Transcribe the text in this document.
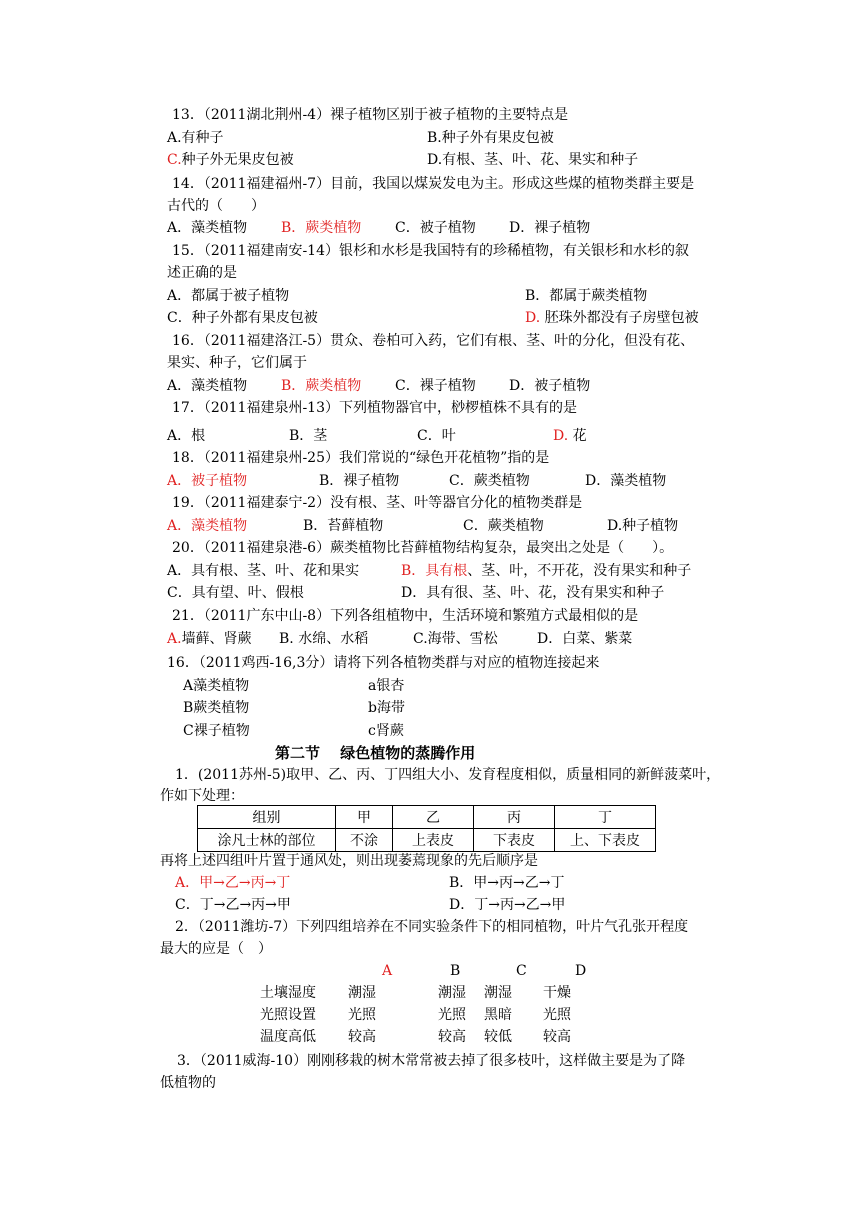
13．（2011湖北荆州-4）裸子植物区别于被子植物的主要特点是
A.有种子	B.种子外有果皮包被
C.种子外无果皮包被	D.有根、茎、叶、花、果实和种子
14．（2011福建福州-7）目前，我国以煤炭发电为主。形成这些煤的植物类群主要是
古代的（　　）
A．藻类植物 B．蕨类植物 C．被子植物 D．裸子植物
15．（2011福建南安-14）银杉和水杉是我国特有的珍稀植物，有关银杉和水杉的叙
述正确的是
A．都属于被子植物	B．都属于蕨类植物
C．种子外都有果皮包被	D. 胚珠外都没有子房壁包被
16．（2011福建洛江-5）贯众、卷柏可入药，它们有根、茎、叶的分化，但没有花、
果实、种子，它们属于
A．藻类植物 B．蕨类植物 C．裸子植物 D．被子植物
17．（2011福建泉州-13）下列植物器官中，桫椤植株不具有的是
A．根	B．茎	C．叶	D. 花
18．（2011福建泉州-25）我们常说的“绿色开花植物”指的是
A．被子植物	B．裸子植物	C．蕨类植物	D．藻类植物
19．（2011福建泰宁-2）没有根、茎、叶等器官分化的植物类群是
A．藻类植物	B．苔藓植物	C．蕨类植物	D.种子植物
20．（2011福建泉港-6）蕨类植物比苔藓植物结构复杂，最突出之处是（　　）。
A．具有根、茎、叶、花和果实	B．具有根、茎、叶，不开花，没有果实和种子
C．具有望、叶、假根	D．具有很、茎、叶、花，没有果实和种子
21．（2011广东中山-8）下列各组植物中，生活环境和繁殖方式最相似的是
A.墙藓、肾蕨 B. 水绵、水稻	C.海带、雪松	D．白菜、紫菜
16．（2011鸡西-16,3分）请将下列各植物类群与对应的植物连接起来
A藻类植物	a银杏
B蕨类植物	b海带
C裸子植物	c肾蕨
第二节　 绿色植物的蒸腾作用
1．(2011苏州-5)取甲、乙、丙、丁四组大小、发育程度相似，质量相同的新鲜菠菜叶，
作如下处理：
组别	甲	乙	丙	丁
涂凡士林的部位	不涂	上表皮	下表皮	上、下表皮
再将上述四组叶片置于通风处，则出现萎蔫现象的先后顺序是
A．甲→乙→丙→丁	B．甲→丙→乙→丁
C．丁→乙→丙→甲	D．丁→丙→乙→甲
2．（2011潍坊-7）下列四组培养在不同实验条件下的相同植物，叶片气孔张开程度
最大的应是（　）
A	B	C	D
土壤湿度 潮湿	潮湿 潮湿 干燥
光照设置 光照	光照 黑暗 光照
温度高低 较高	较高 较低 较高
3．（2011威海-10）刚刚移栽的树木常常被去掉了很多枝叶，这样做主要是为了降
低植物的
